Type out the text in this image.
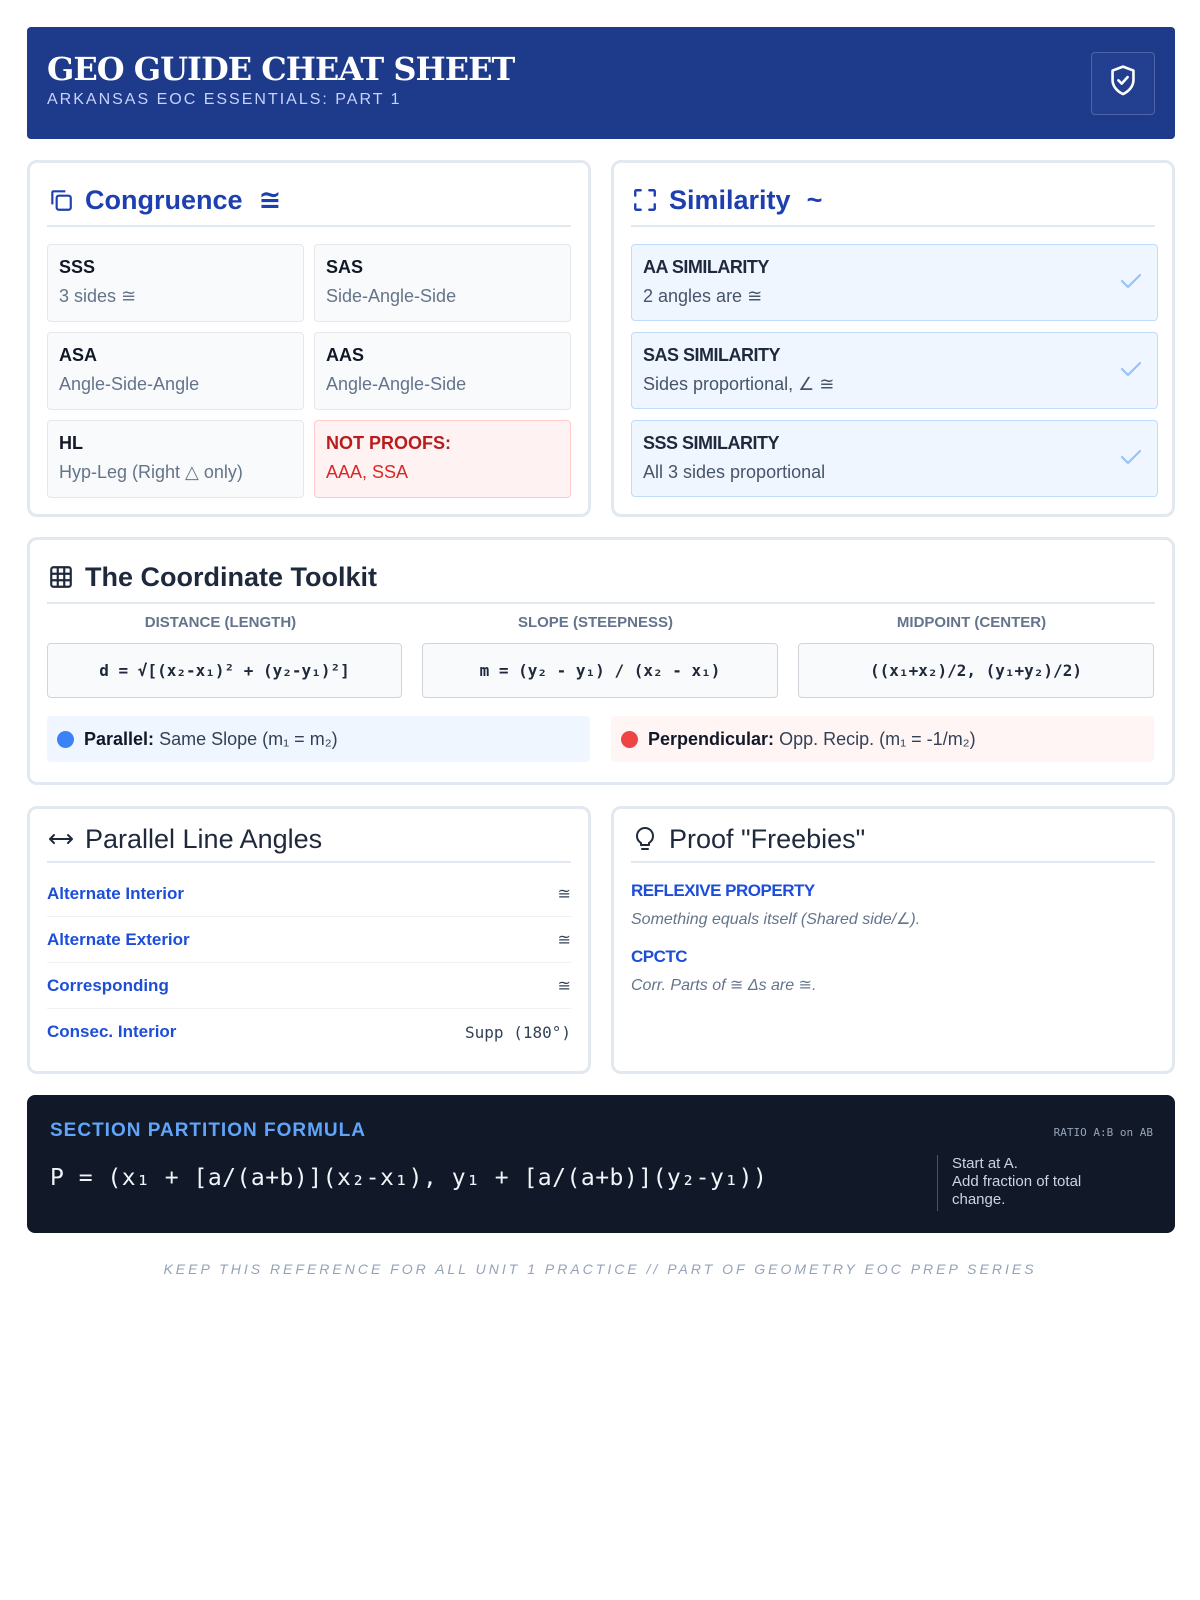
GEO GUIDE CHEAT SHEET
ARKANSAS EOC ESSENTIALS: PART 1
Congruence ≅
SSS
3 sides ≅
SAS
Side-Angle-Side
ASA
Angle-Side-Angle
AAS
Angle-Angle-Side
HL
Hyp-Leg (Right △ only)
NOT PROOFS:
AAA, SSA
Similarity ~
AA SIMILARITY
2 angles are ≅
SAS SIMILARITY
Sides proportional, ∠ ≅
SSS SIMILARITY
All 3 sides proportional
The Coordinate Toolkit
DISTANCE (LENGTH)	SLOPE (STEEPNESS)	MIDPOINT (CENTER)
d = √[(x₂-x₁)² + (y₂-y₁)²]	m = (y₂ - y₁) / (x₂ - x₁)	((x₁+x₂)/2, (y₁+y₂)/2)
Parallel: Same Slope (m₁ = m₂)	Perpendicular: Opp. Recip. (m₁ = -1/m₂)
Parallel Line Angles
Alternate Interior	≅
Alternate Exterior	≅
Corresponding	≅
Consec. Interior	Supp (180°)
Proof "Freebies"
REFLEXIVE PROPERTY
Something equals itself (Shared side/∠).
CPCTC
Corr. Parts of ≅ Δs are ≅.
SECTION PARTITION FORMULA	RATIO A:B on AB
P = (x₁ + [a/(a+b)](x₂-x₁), y₁ + [a/(a+b)](y₂-y₁))
Start at A.
Add fraction of total
change.
KEEP THIS REFERENCE FOR ALL UNIT 1 PRACTICE // PART OF GEOMETRY EOC PREP SERIES
